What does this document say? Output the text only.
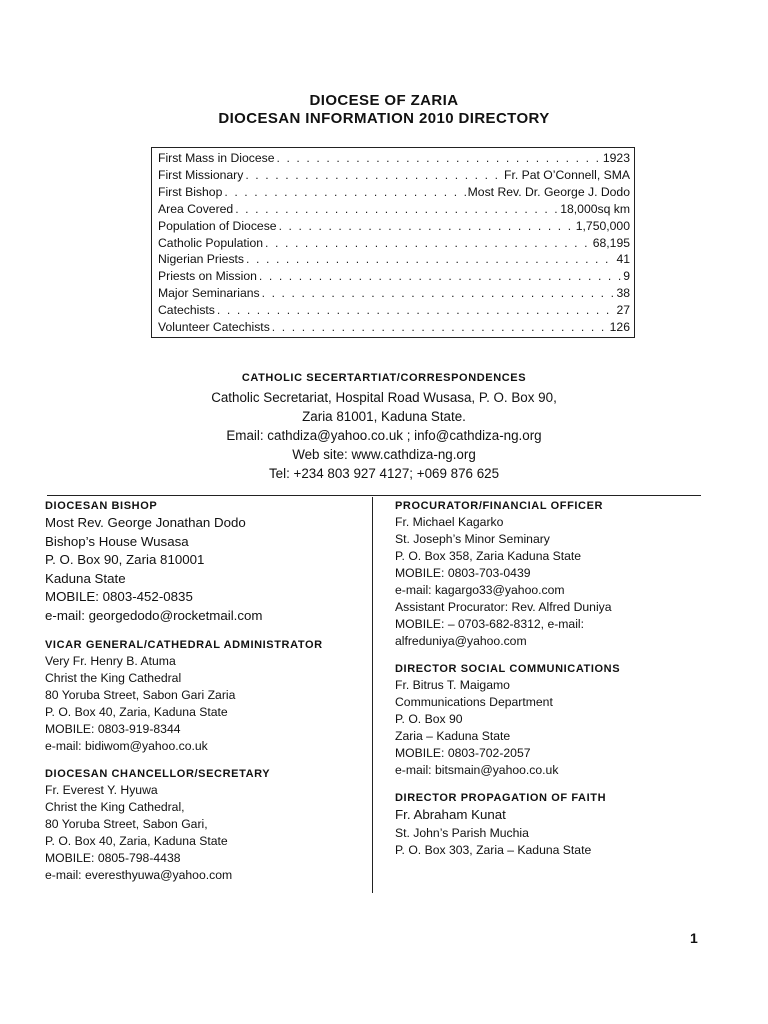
DIOCESE OF ZARIA
DIOCESAN INFORMATION 2010 DIRECTORY
First Mass in Diocese . . .	1923
First Missionary . . .	Fr. Pat O’Connell, SMA
First Bishop . . .	Most Rev. Dr. George J. Dodo
Area Covered . . .	18,000sq km
Population of Diocese . . .	1,750,000
Catholic Population . . .	68,195
Nigerian Priests . . .	41
Priests on Mission . . .	9
Major Seminarians . . .	38
Catechists . . .	27
Volunteer Catechists . . .	126
CATHOLIC SECERTARTIAT/CORRESPONDENCES
Catholic Secretariat, Hospital Road Wusasa, P. O. Box 90,
Zaria 81001, Kaduna State.
Email: cathdiza@yahoo.co.uk ; info@cathdiza-ng.org
Web site: www.cathdiza-ng.org
Tel: +234 803 927 4127; +069 876 625
DIOCESAN BISHOP
Most Rev. George Jonathan Dodo
Bishop’s House Wusasa
P. O. Box 90, Zaria 810001
Kaduna State
MOBILE: 0803-452-0835
e-mail: georgedodo@rocketmail.com
VICAR GENERAL/CATHEDRAL ADMINISTRATOR
Very Fr. Henry B. Atuma
Christ the King Cathedral
80 Yoruba Street, Sabon Gari Zaria
P. O. Box 40, Zaria, Kaduna State
MOBILE: 0803-919-8344
e-mail: bidiwom@yahoo.co.uk
DIOCESAN CHANCELLOR/SECRETARY
Fr. Everest Y. Hyuwa
Christ the King Cathedral,
80 Yoruba Street, Sabon Gari,
P. O. Box 40, Zaria, Kaduna State
MOBILE: 0805-798-4438
e-mail: everesthyuwa@yahoo.com
PROCURATOR/FINANCIAL OFFICER
Fr. Michael Kagarko
St. Joseph’s Minor Seminary
P. O. Box 358, Zaria Kaduna State
MOBILE: 0803-703-0439
e-mail: kagargo33@yahoo.com
Assistant Procurator: Rev. Alfred Duniya
MOBILE: – 0703-682-8312, e-mail:
alfreduniya@yahoo.com
DIRECTOR SOCIAL COMMUNICATIONS
Fr. Bitrus T. Maigamo
Communications Department
P. O. Box 90
Zaria – Kaduna State
MOBILE: 0803-702-2057
e-mail: bitsmain@yahoo.co.uk
DIRECTOR PROPAGATION OF FAITH
Fr. Abraham Kunat
St. John’s Parish Muchia
P. O. Box 303, Zaria – Kaduna State
1
